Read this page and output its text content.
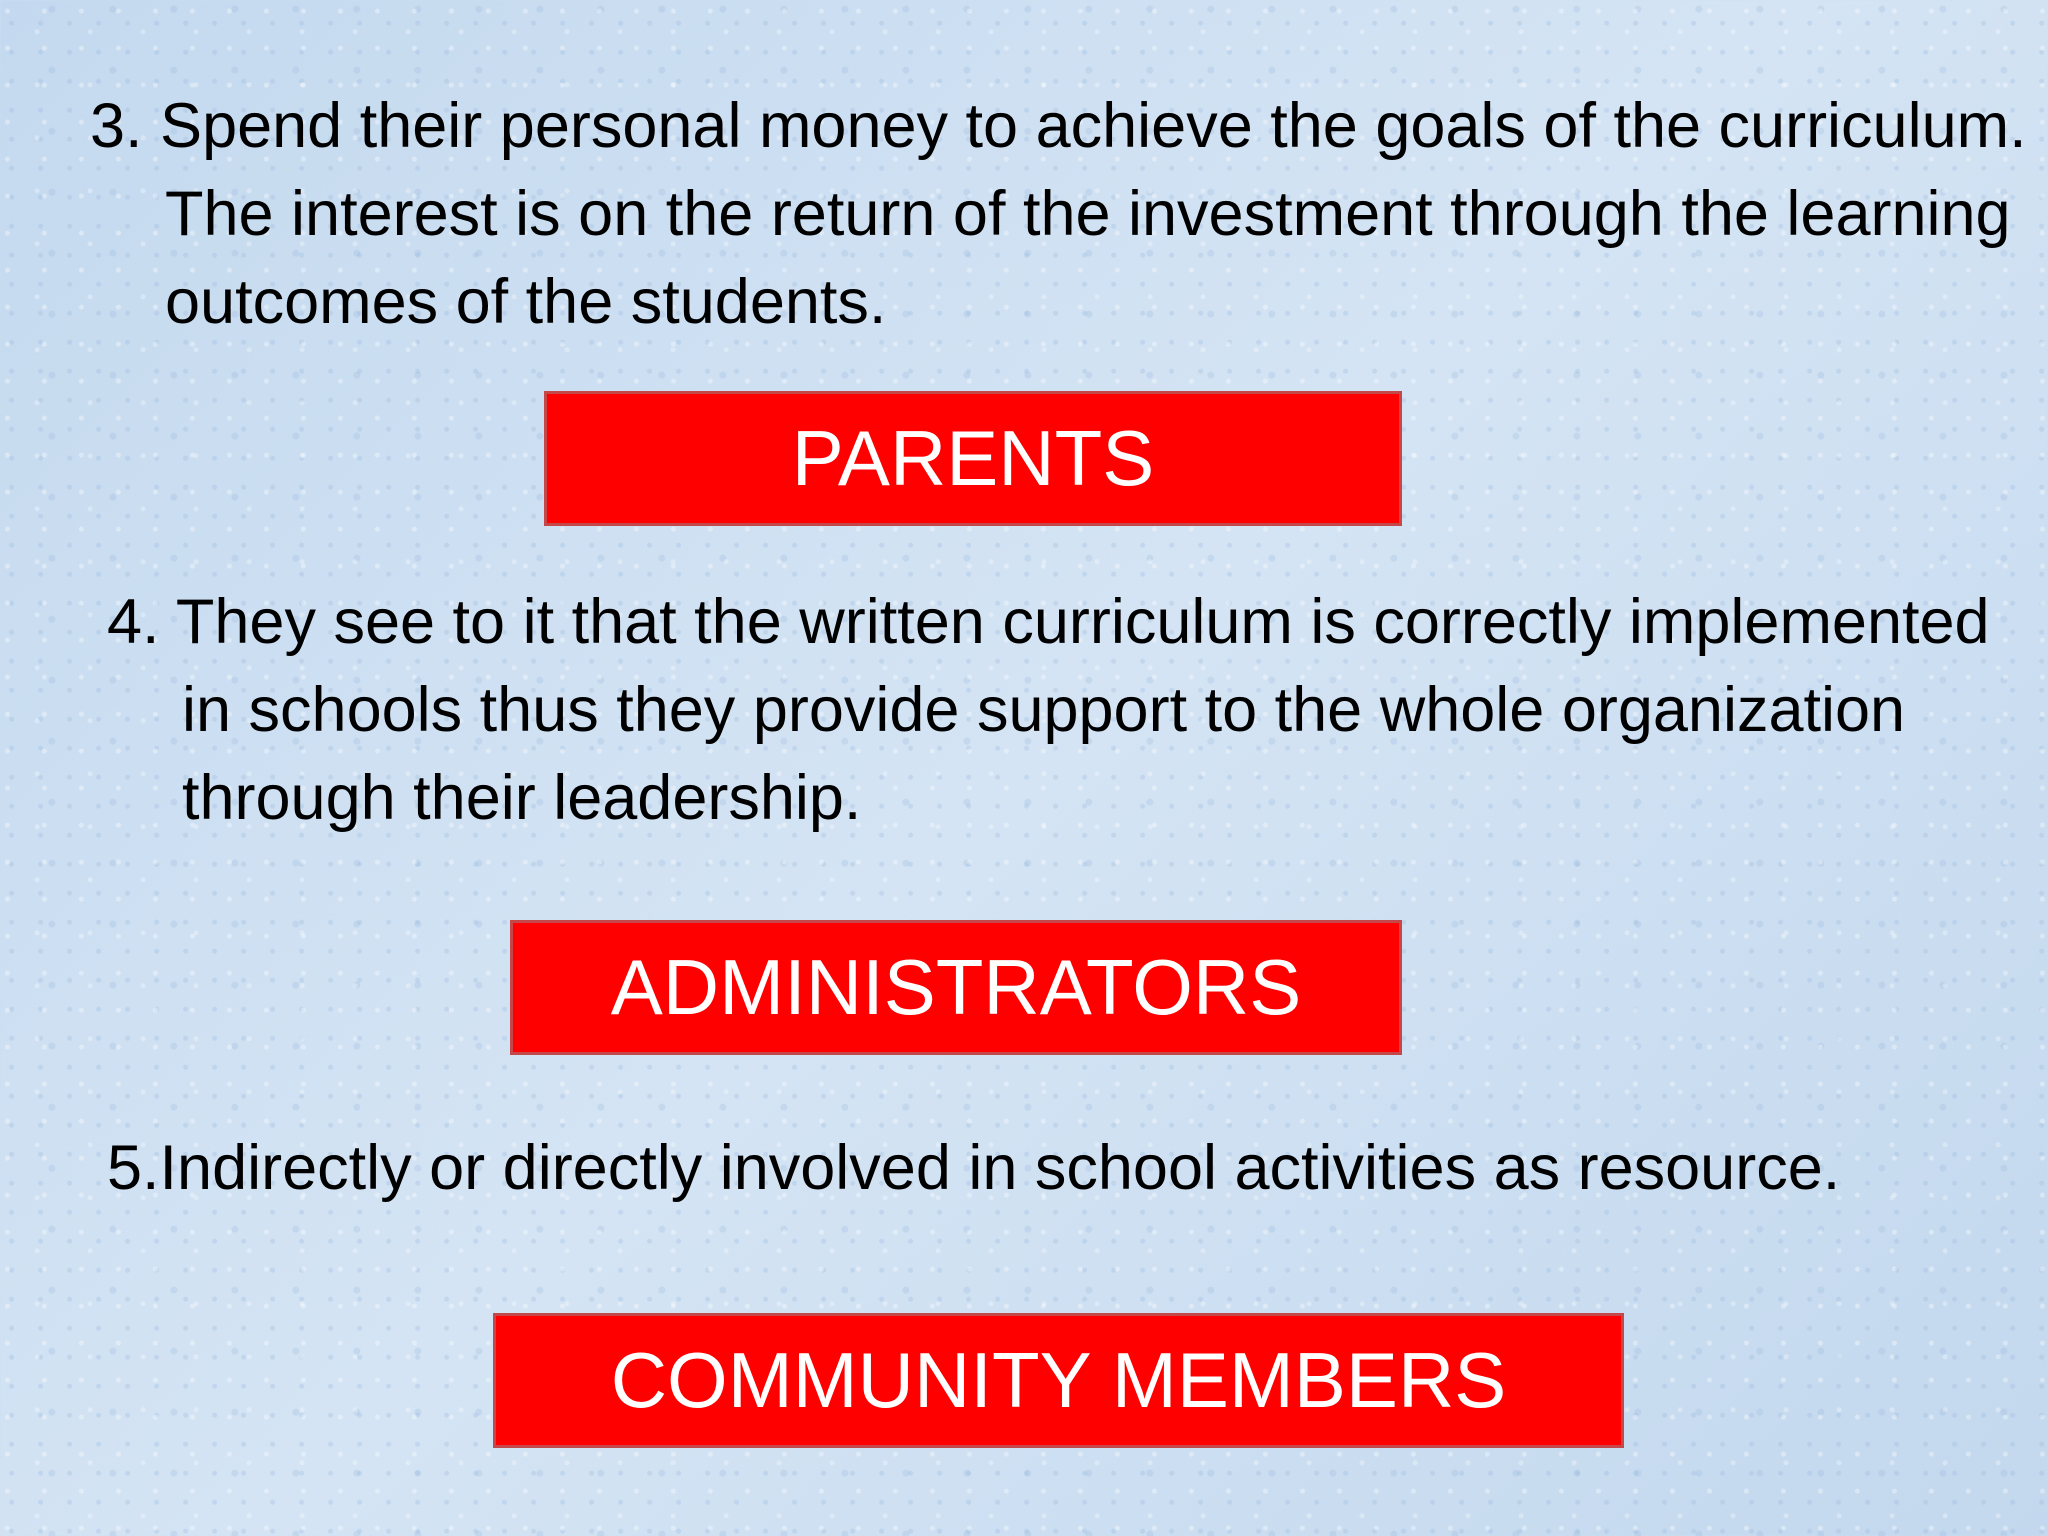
3. Spend their personal money to achieve the goals of the curriculum. The interest is on the return of the investment through the learning outcomes of the students.

PARENTS

4. They see to it that the written curriculum is correctly implemented in schools thus they provide support to the whole organization through their leadership.

ADMINISTRATORS

5.Indirectly or directly involved in school activities as resource.

COMMUNITY MEMBERS
